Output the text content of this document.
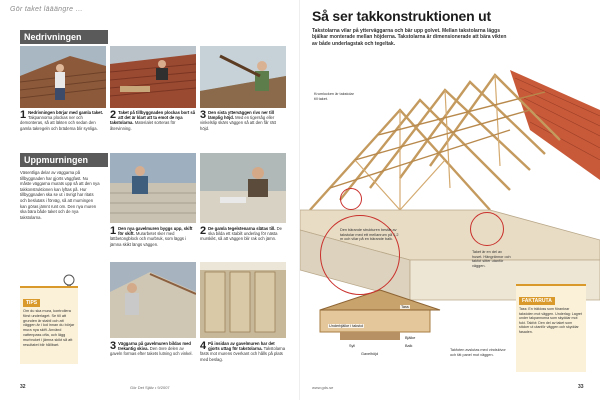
Gör taket lääängre …
Nedrivningen
1 Nedrivningen börjar med gamla taket. Takpannorna plockas ner och demonteras, så att läkten och sedan den gamla takregeln och bräderna blir synliga.
2 Taket på tillbyggnaden plockas bort så att det är klart att ta emot de nya takstolarna. Materialet sorteras för återvinning.
3 Den sista ytterväggen rivs ner till lämplig höjd. Med en tigersåg eller vinkelslip skärs väggen så att den får rätt höjd.
Uppmurningen
Väsentliga delar av väggarna på tillbyggnaden har gjorts väggfast. Nu måste väggarna murats upp så att den nya takkonstruktionen kan lyftas på. Hur tillbyggnaden ska se ut i övrigt har ritats och beslutats i förväg, så att murningen kan göras jämnt runt om. Den nya muren ska bära både taket och de nya takstolarna.
1 Den nya gavelmuren byggs upp, skift för skift. Murarbetet sker med lättbetongblock och murbruk, som läggs i jämna skikt längs väggen.
2 De gamla tegelstenarna slätas till. De ska bilda ett stabilt underlag för nästa murskikt, så att väggen blir rak och jämn.
3 Väggarna på gavelmuren bildas med trekantig skiva. Den övre delen av gaveln formas efter takets lutning och vinkel.
4 På insidan av gavelmuren har det gjorts uttag för takstolarna. Takstolarna fästs mot murens överkant och hålls på plats med beslag.
TIPS
Om du ska mura, kontrollera först underlaget. Se till att grunden är stabil och att väggen är i lod innan du börjar mura nya skift. Använd vattenpass ofta, och lägg murbruket i jämna skikt så att resultatet blir hållbart.
32	Gör Det Själv • 9/2007
Så ser takkonstruktionen ut
Takstolarna vilar på ytterväggarna och bär upp golvet. Mellan takstolarna läggs bjälkar monterade mellan höjderna. Takstolarna är dimensionerade att bära vikten av både underlagstak och tegeltak.
Krumlocken är takstolar till taket.
Den bärande strukturen består av takstolar med ett mellanrum på 1,2 m och vilar på en bärande balk.
Taket är en del av huset. Hängrännor och takfot sitter utanför väggen.
Takfoten avslutas med vindskivor och tät panel mot väggen.
Underbjälke i takstol
Tass
Bjälke
Balk
Syll
Gavelhöjd
FAKTARUTA
Tass: En träkloss som förankrar takstolen mot väggen. Underlag: Lagret under takpannorna som skyddar mot fukt. Takfot: Den del av taket som sticker ut utanför väggen och skyddar fasaden.
www.gds.se	33
